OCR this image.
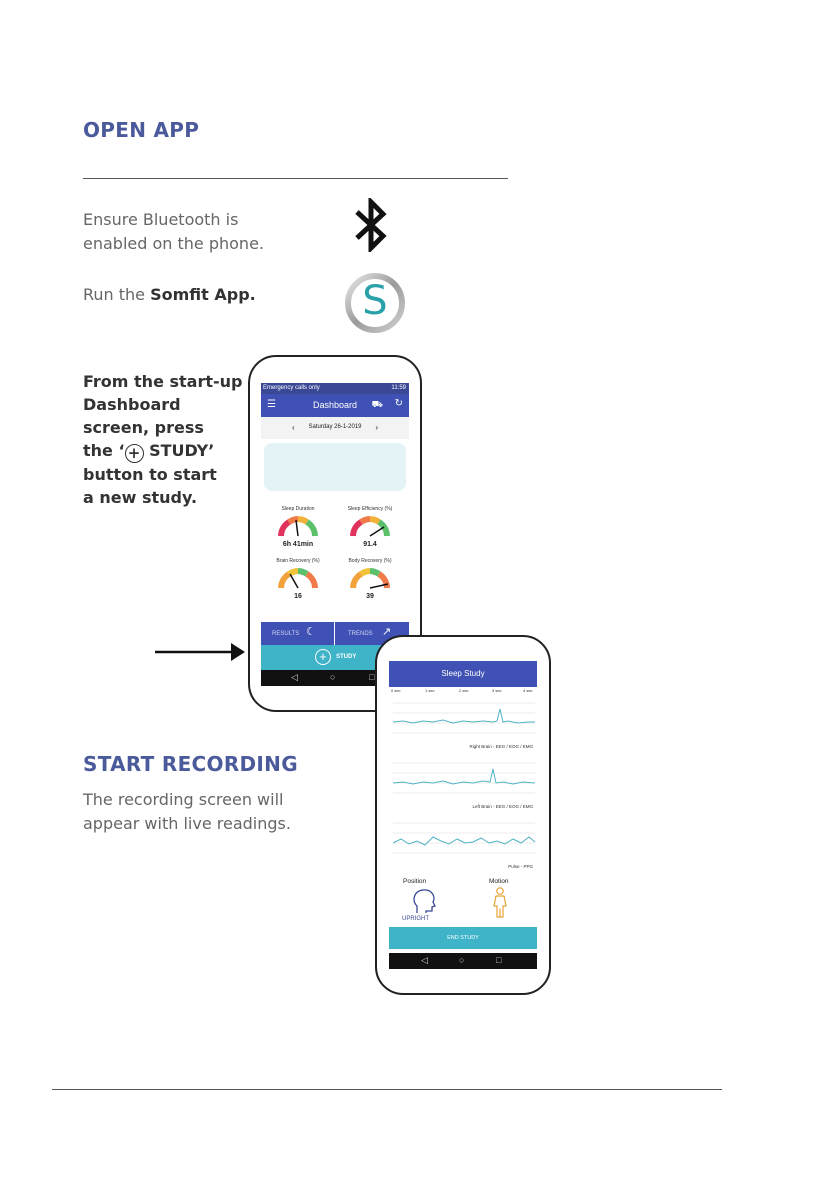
OPEN APP
Ensure Bluetooth is
enabled on the phone.
Run the Somfit App.	S
From the start-up
Dashboard
screen, press
the ‘ + STUDY’
button to start
a new study.
Emergency calls only	11:59
☰	Dashboard	⛟ ↻
‹	Saturday 26-1-2019	›
Sleep Duration	Sleep Efficiency (%)
Brain Recovery (%)	Body Recovery (%)
6h 41min	91.4
16	39
RESULTS ☾	TRENDS ↗
+	STUDY
◁	○	□
START RECORDING
The recording screen will
appear with live readings.
Sleep Study
0 sec	1 sec	2 sec	3 sec	4 sec
Right Brain - EEG / EOG / EMG
Left Brain - EEG / EOG / EMG
Pulse - PPG
Position
UPRIGHT
Motion
END STUDY
◁	○	□
